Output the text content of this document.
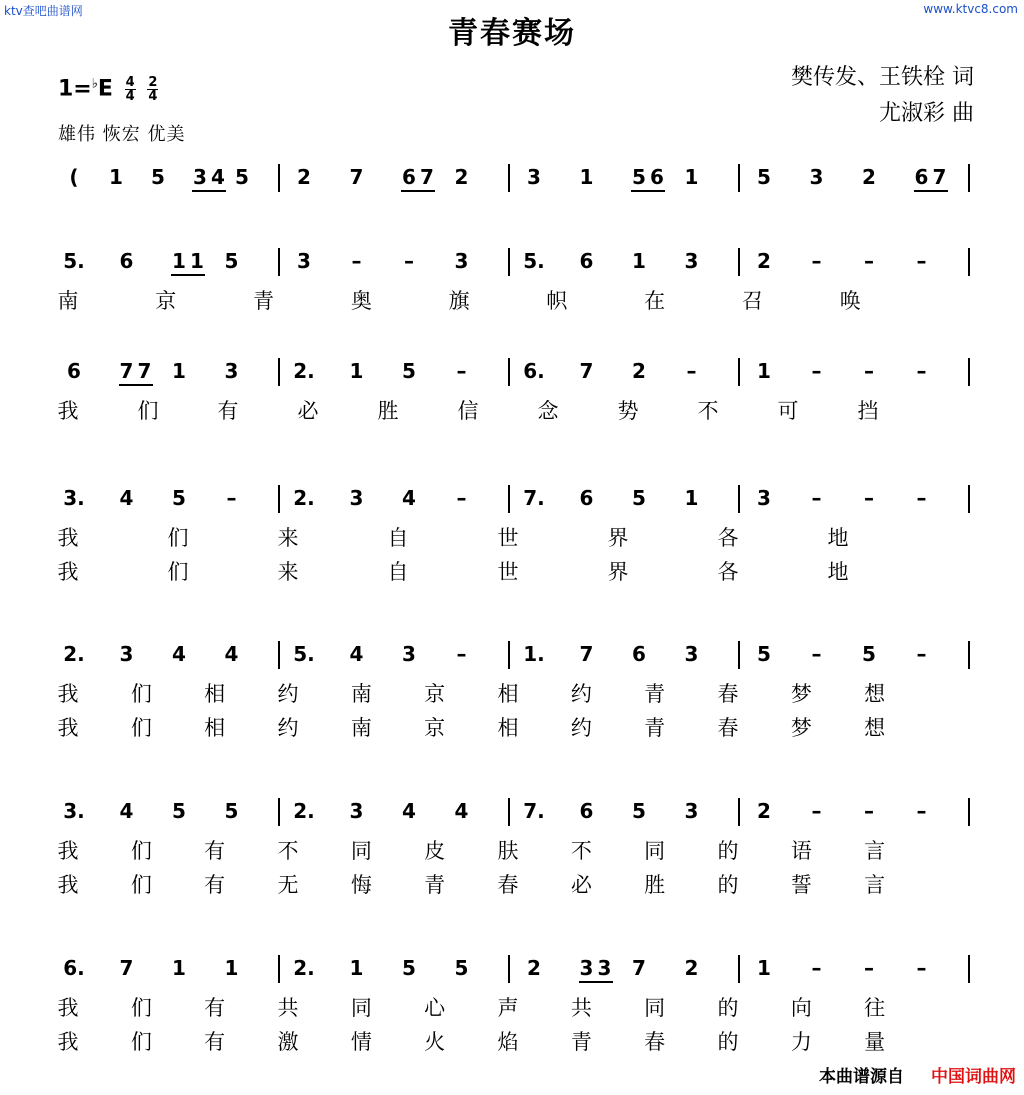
ktv查吧曲谱网	www.ktvc8.com
青春赛场
樊传发、王铁栓 词
尤淑彩 曲
$1=^♭E \frac{4}{4}$
$\frac{2}{4}$
雄伟 恢宏 优美
(	1 5 3 4 5 2 7 6 7 2	3 1 5 6 1	5 3 2 6 7
5. 6 1 1 5	3	–	–	3	5. 6 1 3	2	–	–	–
南	京	青	奥	旗	帜	在	召	唤
6 7 7 1 3	2. 1 5	–	6. 7 2	–	1	–	–	–
我	们	有	必	胜	信	念	势	不	可	挡
3. 4 5	–	2. 3 4	–	7. 6 5 1	3	–	–	–
我	们	来	自	世	界	各	地
我	们	来	自	世	界	各	地
2. 3 4 4	5. 4 3	–	1. 7 6 3	5	–	5	–
我 们 相 约 南 京 相 约 青 春 梦 想
我 们 相 约 南 京 相 约 青 春 梦 想
3. 4 5 5	2. 3 4 4	7. 6 5 3	2	–	–	–
我 们 有 不 同 皮 肤 不 同 的 语 言
我 们 有 无 悔 青 春 必 胜 的 誓 言
6. 7 1 1	2. 1 5 5	2 3 3 7 2	1	–	–	–
我 们 有 共 同 心 声 共 同 的 向 往
我 们 有 激 情 火 焰 青 春 的 力 量
本曲谱源自 中国词曲网
